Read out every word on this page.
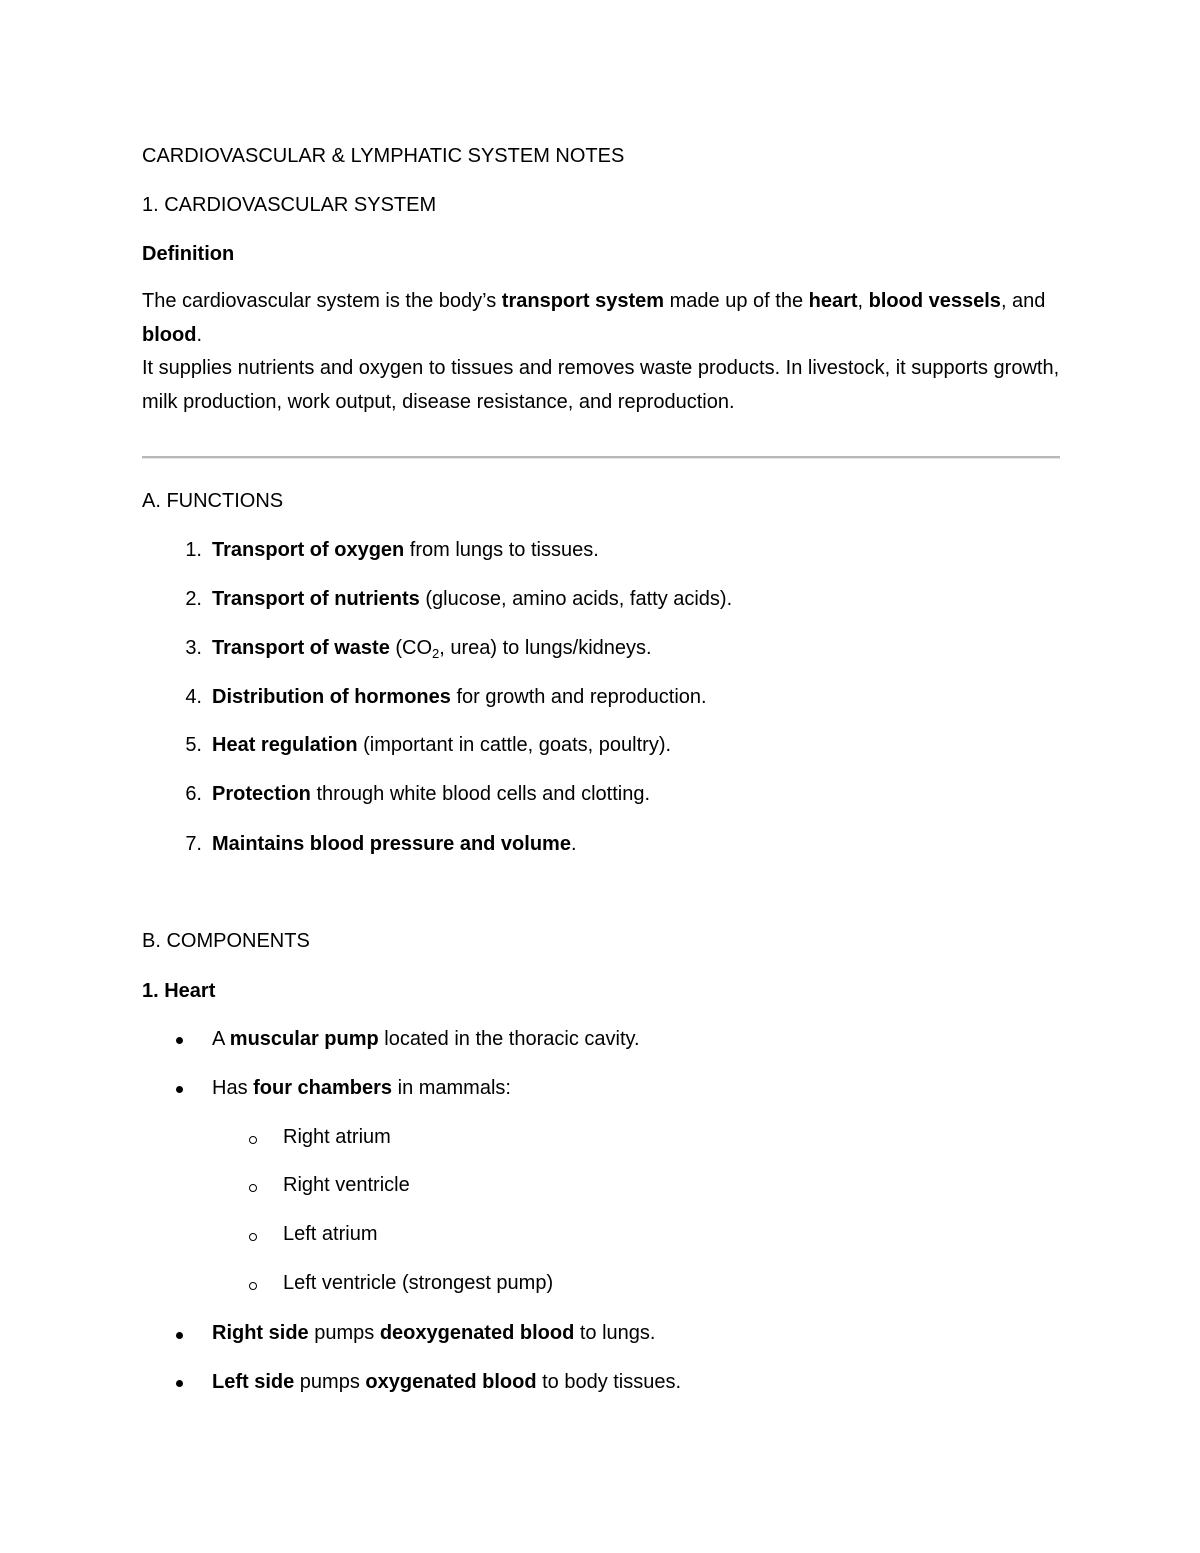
CARDIOVASCULAR & LYMPHATIC SYSTEM NOTES
1. CARDIOVASCULAR SYSTEM
Definition

The cardiovascular system is the body’s transport system made up of the heart, blood vessels, and blood.

It supplies nutrients and oxygen to tissues and removes waste products. In livestock, it supports growth, milk production, work output, disease resistance, and reproduction.

A. FUNCTIONS
1. Transport of oxygen from lungs to tissues.
2. Transport of nutrients (glucose, amino acids, fatty acids).
3. Transport of waste ($CO_2$, urea) to lungs/kidneys.
4. Distribution of hormones for growth and reproduction.
5. Heat regulation (important in cattle, goats, poultry).
6. Protection through white blood cells and clotting.
7. Maintains blood pressure and volume.
B. COMPONENTS
1. Heart
A muscular pump located in the thoracic cavity.
Has four chambers in mammals:
Right atrium
Right ventricle
Left atrium
Left ventricle (strongest pump)
Right side pumps deoxygenated blood to lungs.
Left side pumps oxygenated blood to body tissues.
